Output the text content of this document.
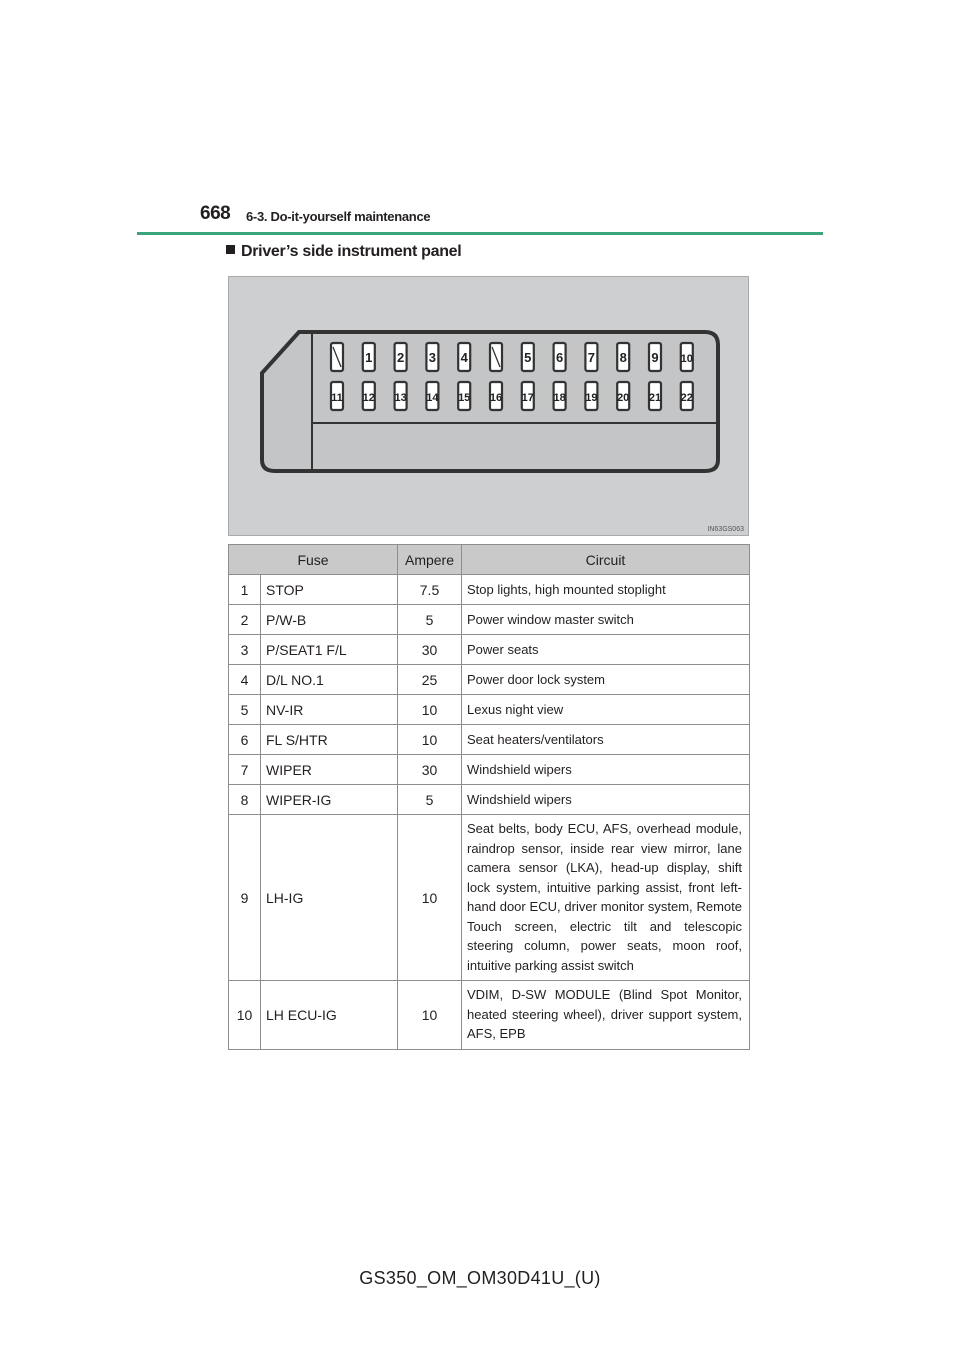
668 6-3. Do-it-yourself maintenance
Driver’s side instrument panel
1 2 3 4	5 6 7 8 9 10
11 12 13 14 15 16 17 18 19 20 21 22
IN63GS063
Fuse		Ampere	Circuit
1	STOP	7.5	Stop lights, high mounted stoplight
2	P/W-B	5	Power window master switch
3	P/SEAT1 F/L	30	Power seats
4	D/L NO.1	25	Power door lock system
5	NV-IR	10	Lexus night view
6	FL S/HTR	10	Seat heaters/ventilators
7	WIPER	30	Windshield wipers
8	WIPER-IG	5	Windshield wipers
9	LH-IG	10	Seat belts, body ECU, AFS, overhead module, raindrop sensor, inside rear view mirror, lane camera sensor (LKA), head-up display, shift lock system, intuitive parking assist, front left-hand door ECU, driver monitor system, Remote Touch screen, electric tilt and telescopic steering column, power seats, moon roof, intuitive parking assist switch
10	LH ECU-IG	10	VDIM, D-SW MODULE (Blind Spot Monitor, heated steering wheel), driver support system, AFS, EPB
GS350_OM_OM30D41U_(U)
